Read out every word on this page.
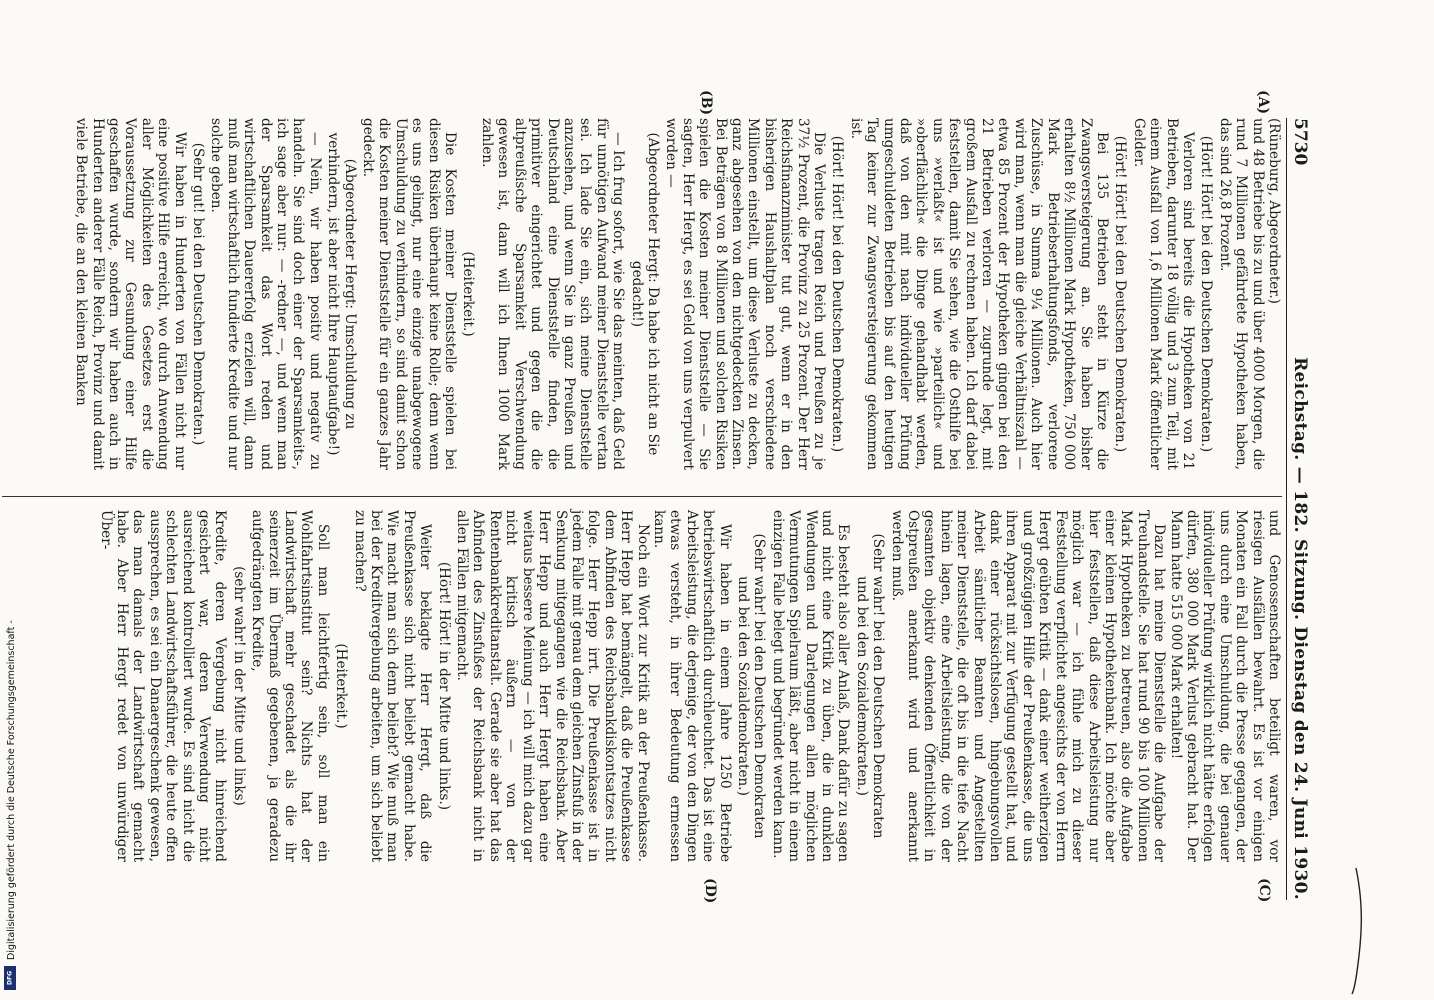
5730
Reichstag. — 182. Sitzung. Dienstag den 24. Juni 1930.
(A)
(B)
(C)
(D)

(Rüneburg, Abgeordneter.)

und 48 Betriebe bis zu und über 4000 Morgen, die rund 7 Millionen gefährdete Hypotheken haben, das sind 26,8 Prozent.

(Hört! Hört! bei den Deutschen Demokraten.)

Verloren sind bereits die Hypotheken von 21 Betrieben, darunter 18 völlig und 3 zum Teil, mit einem Ausfall von 1,6 Millionen Mark öffentlicher Gelder.

(Hört! Hört! bei den Deutschen Demokraten.)

Bei 135 Betrieben steht in Kürze die Zwangsversteigerung an. Sie haben bisher erhalten 8½ Millionen Mark Hypotheken, 750 000 Mark Betriebserhaltungsfonds, verlorene Zuschüsse, in Summa 9¼ Millionen. Auch hier wird man, wenn man die gleiche Verhältniszahl — etwa 85 Prozent der Hypotheken gingen bei den 21 Betrieben verloren — zugrunde legt, mit großem Ausfall zu rechnen haben. Ich darf dabei feststellen, damit Sie sehen, wie die Osthilfe bei uns »verlaßt« ist und wie »parteilich« und »oberflächlich« die Dinge gehandhabt werden, daß von den mit nach individueller Prüfung umgeschuldeten Betrieben bis auf den heutigen Tag keiner zur Zwangsversteigerung gekommen ist.

(Hört! Hört! bei den Deutschen Demokraten.)

Die Verluste tragen Reich und Preußen zu je 37½ Prozent, die Provinz zu 25 Prozent. Der Herr Reichsfinanzminister tut gut, wenn er in den bisherigen Haushaltplan noch verschiedene Millionen einstellt, um diese Verluste zu decken, ganz abgesehen von den nichtgedeckten Zinsen. Bei Beträgen von 8 Millionen und solchen Risiken spielen die Kosten meiner Dienststelle — Sie sagten, Herr Hergt, es sei Geld von uns verpulvert worden —

(Abgeordneter Hergt: Da habe ich nicht an Sie gedacht!)

— Ich frug sofort, wie Sie das meinten, daß Geld für unnötigen Aufwand meiner Dienststelle vertan sei. Ich lade Sie ein, sich meine Dienststelle anzusehen, und wenn Sie in ganz Preußen und Deutschland eine Dienststelle finden, die primitiver eingerichtet und gegen die die altpreußische Sparsamkeit Verschwendung gewesen ist, dann will ich Ihnen 1000 Mark zahlen.

(Heiterkeit.)

Die Kosten meiner Dienststelle spielen bei diesen Risiken überhaupt keine Rolle; denn wenn es uns gelingt, nur eine einzige unabgewogene Umschuldung zu verhindern, so sind damit schon die Kosten meiner Dienststelle für ein ganzes Jahr gedeckt.

(Abgeordneter Hergt: Umschuldung zu verhindern, ist aber nicht Ihre Hauptaufgabe!)

— Nein, wir haben positiv und negativ zu handeln. Sie sind doch einer der Sparsamkeits-, ich sage aber nur: — -redner —, und wenn man der Sparsamkeit das Wort reden und wirtschaftlichen Dauererfolg erzielen will, dann muß man wirtschaftlich fundierte Kredite und nur solche geben.

(Sehr gut! bei den Deutschen Demokraten.)

Wir haben in Hunderten von Fällen nicht nur eine positive Hilfe erreicht, wo durch Anwendung aller Möglichkeiten des Gesetzes erst die Voraussetzung zur Gesundung einer Hilfe geschaffen wurde, sondern wir haben auch in Hunderten anderer Fälle Reich, Provinz und damit viele Betriebe, die an den kleinen Banken

und Genossenschaften beteiligt waren, vor riesigen Ausfällen bewahrt. Es ist vor einigen Monaten ein Fall durch die Presse gegangen, der uns durch eine Umschuldung, die bei genauer individueller Prüfung wirklich nicht hätte erfolgen dürfen, 380 000 Mark Verlust gebracht hat. Der Mann hatte 515 000 Mark erhalten!

Dazu hat meine Dienststelle die Aufgabe der Treuhandstelle. Sie hat rund 90 bis 100 Millionen Mark Hypotheken zu betreuen, also die Aufgabe einer kleinen Hypothekenbank. Ich möchte aber hier feststellen, daß diese Arbeitsleistung nur möglich war — ich fühle mich zu dieser Feststellung verpflichtet angesichts der von Herrn Hergt geübten Kritik — dank einer weitherzigen und großzügigen Hilfe der Preußenkasse, die uns ihren Apparat mit zur Verfügung gestellt hat, und dank einer rücksichtslosen, hingebungsvollen Arbeit sämtlicher Beamten und Angestellten meiner Dienststelle, die oft bis in die tiefe Nacht hinein lagen, eine Arbeitsleistung, die von der gesamten objektiv denkenden Öffentlichkeit in Ostpreußen anerkannt wird und anerkannt werden muß.

(Sehr wahr! bei den Deutschen Demokraten und bei den Sozialdemokraten.)

Es besteht also aller Anlaß, Dank dafür zu sagen und nicht eine Kritik zu üben, die in dunklen Wendungen und Darlegungen allen möglichen Vermutungen Spielraum läßt, aber nicht in einem einzigen Falle belegt und begründet werden kann.

(Sehr wahr! bei den Deutschen Demokraten und bei den Sozialdemokraten.)

Wir haben in einem Jahre 1250 Betriebe betriebswirtschaftlich durchleuchtet. Das ist eine Arbeitsleistung, die derjenige, der von den Dingen etwas versteht, in ihrer Bedeutung ermessen kann.

Noch ein Wort zur Kritik an der Preußenkasse. Herr Hepp hat bemängelt, daß die Preußenkasse dem Abfinden des Reichsbankdiskontsatzes nicht folge. Herr Hepp irrt. Die Preußenkasse ist in jedem Falle mit genau dem gleichen Zinsfuß in der Senkung mitgegangen wie die Reichsbank. Aber Herr Hepp und auch Herr Hergt haben eine weitaus bessere Meinung — ich will mich dazu gar nicht kritisch äußern — von der Rentenbankkreditanstalt. Gerade sie aber hat das Abfinden des Zinsfußes der Reichsbank nicht in allen Fällen mitgemacht.

(Hört! Hört! in der Mitte und links.)

Weiter beklagte Herr Hergt, daß die Preußenkasse sich nicht beliebt gemacht habe. Wie macht man sich denn beliebt? Wie muß man bei der Kreditvergebung arbeiten, um sich beliebt zu machen?

(Heiterkeit.)

Soll man leichtfertig sein, soll man ein Wohlfahrtsinstitut sein? Nichts hat der Landwirtschaft mehr geschadet als die ihr seinerzeit im Übermaß gegebenen, ja geradezu aufgedrängten Kredite,

(sehr wahr! in der Mitte und links)

Kredite, deren Vergebung nicht hinreichend gesichert war, deren Verwendung nicht ausreichend kontrolliert wurde. Es sind nicht die schlechten Landwirtschaftsführer, die heute offen aussprechen, es sei ein Danaergeschenk gewesen, das man damals der Landwirtschaft gemacht habe. Aber Herr Hergt redet von unwürdiger Über-

Digitalisierung gefördert durch die Deutsche Forschungsgemeinschaft -
DFG
